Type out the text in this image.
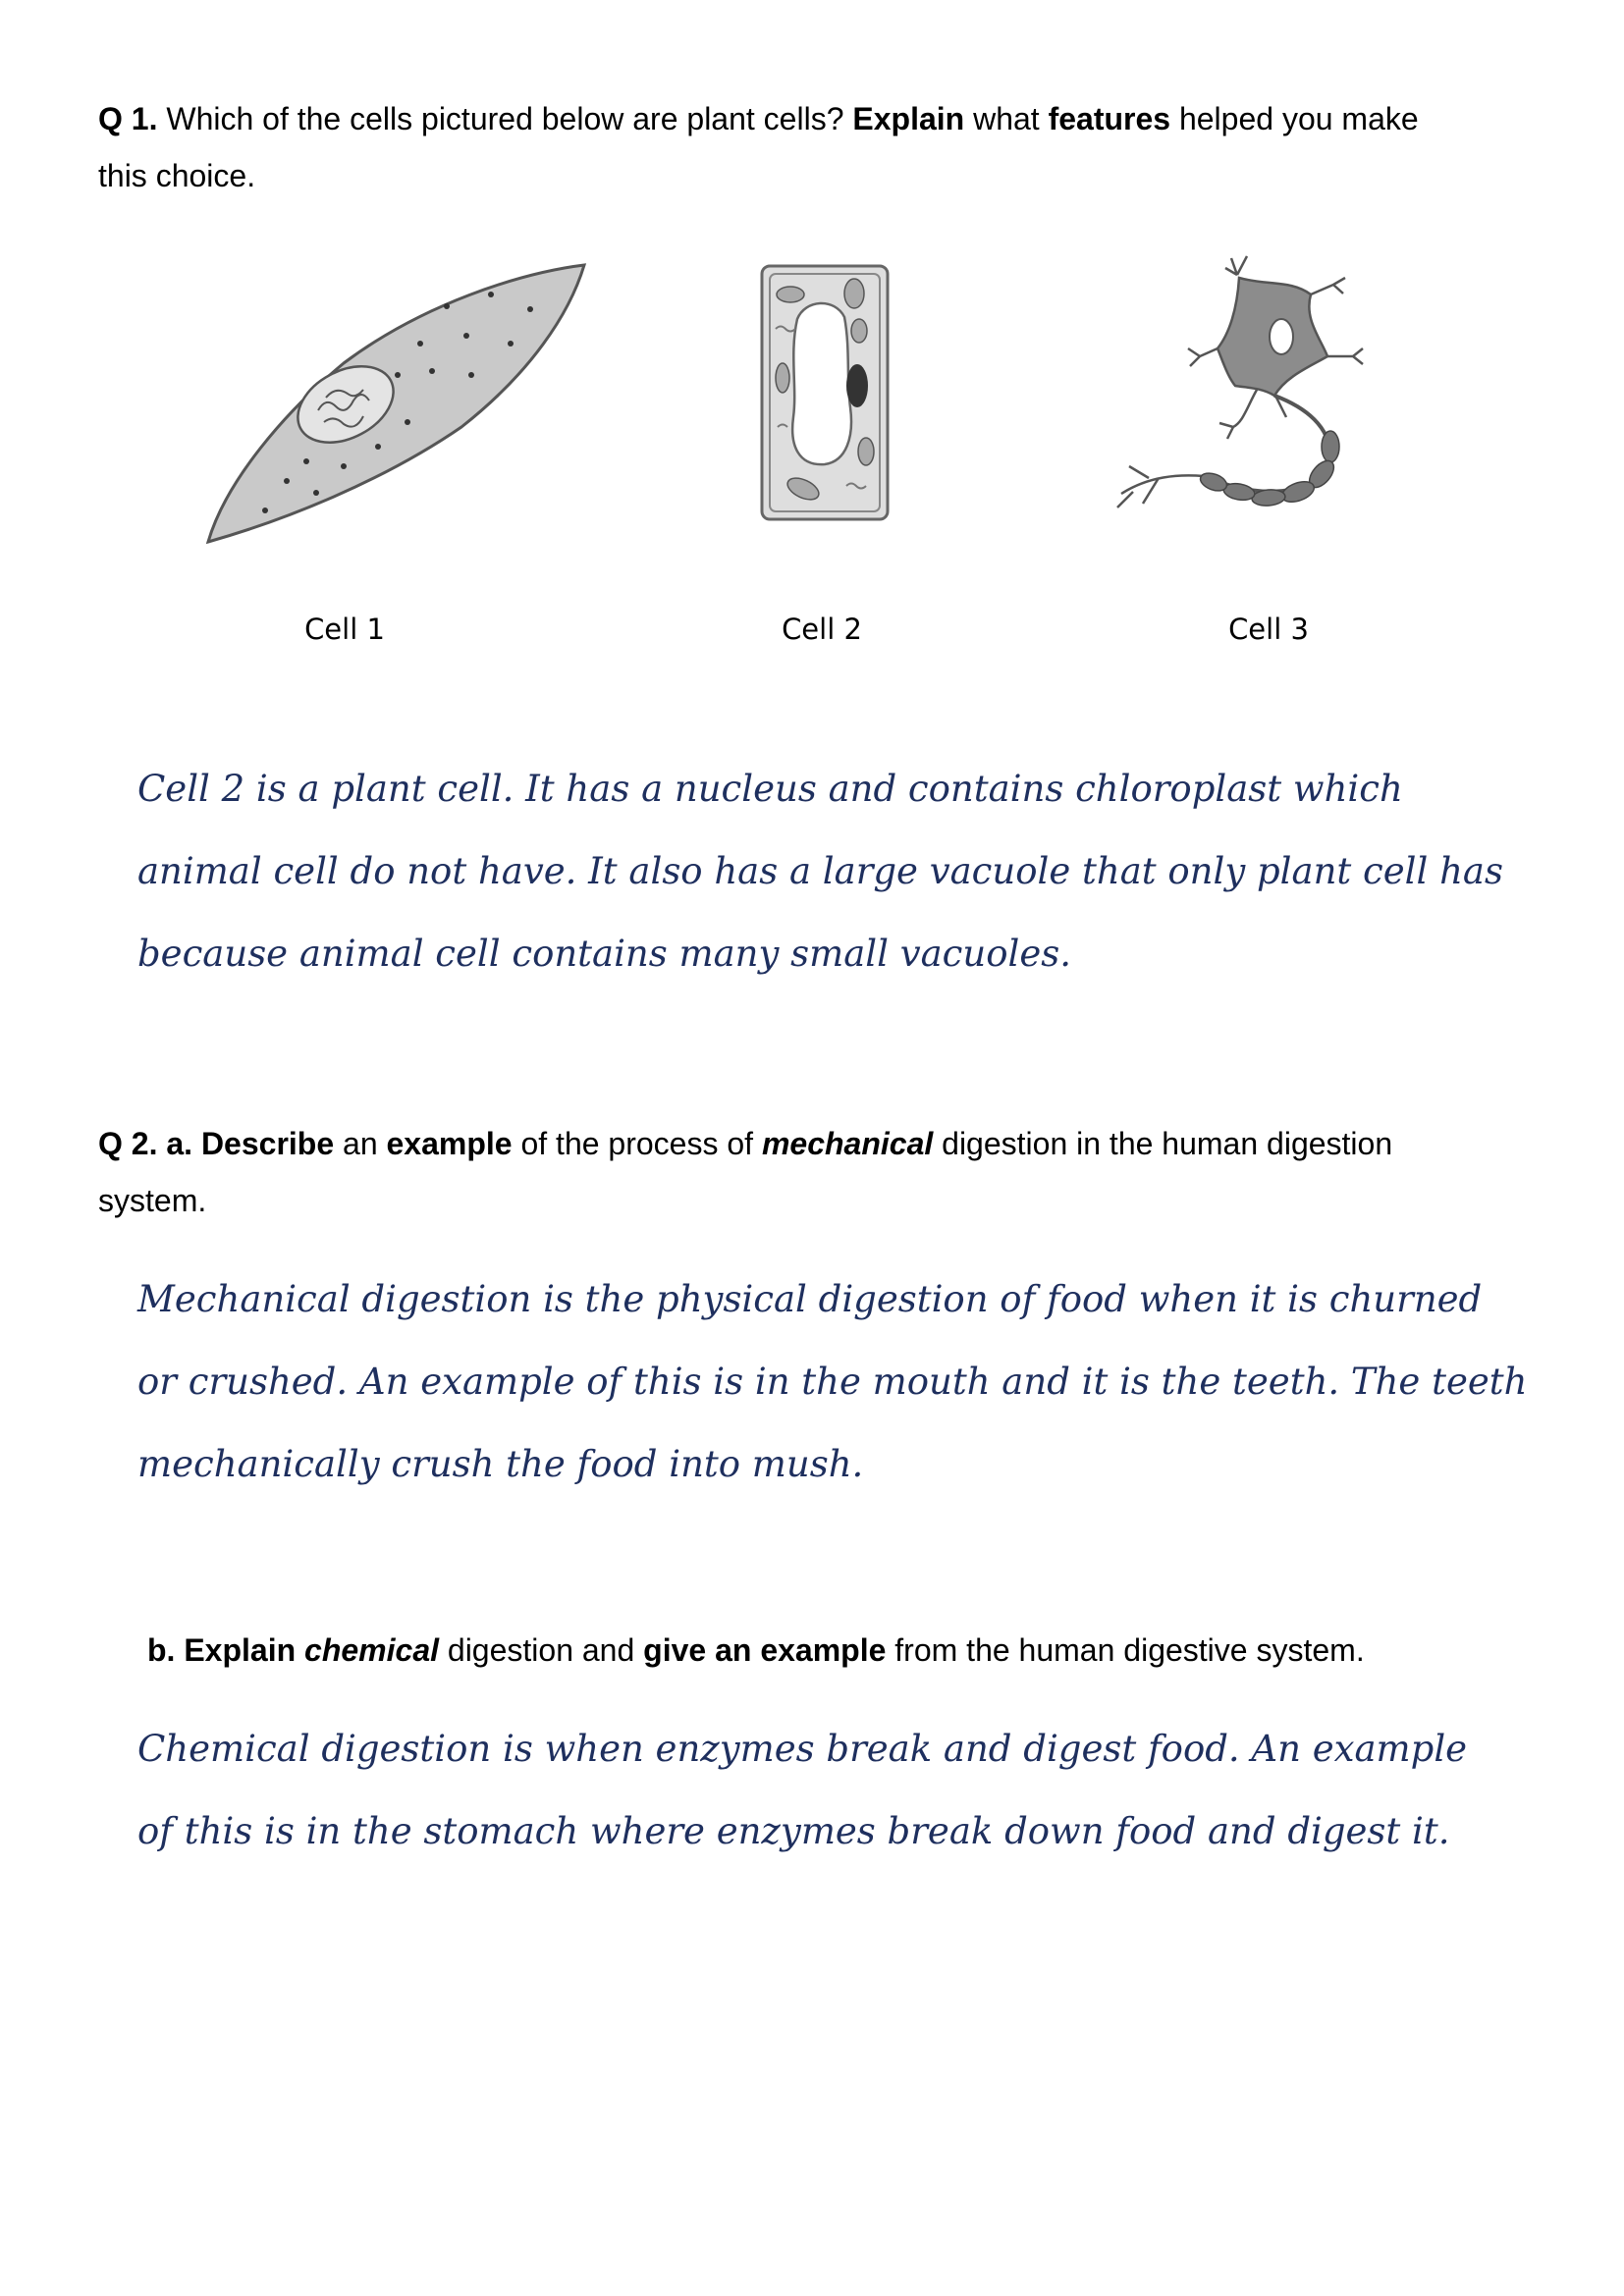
Q 1. Which of the cells pictured below are plant cells? Explain what features helped you make
this choice.
Cell 1	Cell 2	Cell 3
Cell 2 is a plant cell. It has a nucleus and contains chloroplast which
animal cell do not have. It also has a large vacuole that only plant cell has
because animal cell contains many small vacuoles.
Q 2. a. Describe an example of the process of mechanical digestion in the human digestion
system.
Mechanical digestion is the physical digestion of food when it is churned
or crushed. An example of this is in the mouth and it is the teeth. The teeth
mechanically crush the food into mush.
b. Explain chemical digestion and give an example from the human digestive system.
Chemical digestion is when enzymes break and digest food. An example
of this is in the stomach where enzymes break down food and digest it.
